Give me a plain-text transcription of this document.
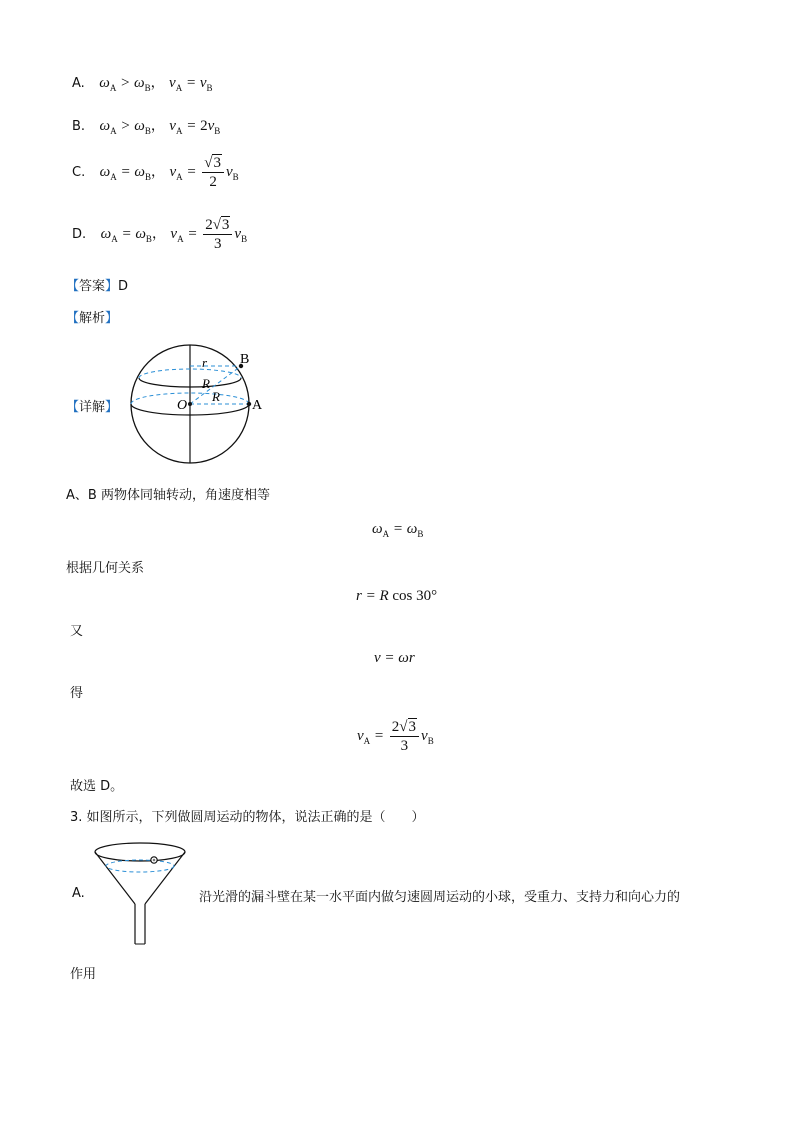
A. $\omega_A > \omega_B$， $v_A = v_B$
B. $\omega_A > \omega_B$， $v_A = 2v_B$
C. $\omega_A = \omega_B$， $v_A = \frac{√3}{2} v_B$
D. $\omega_A = \omega_B$， $v_A = \frac{2√3}{3} v_B$
【答案】D
【解析】
【详解】
B
A
O
r
R
R
A、B 两物体同轴转动，角速度相等
$\omega_A = \omega_B$
根据几何关系
r = R cos 30°
又
v = ωr
得
$v_A = \frac{2√3}{3} v_B$
故选 D。
3. 如图所示，下列做圆周运动的物体，说法正确的是（　　）
A.	沿光滑的漏斗壁在某一水平面内做匀速圆周运动的小球，受重力、支持力和向心力的
作用
